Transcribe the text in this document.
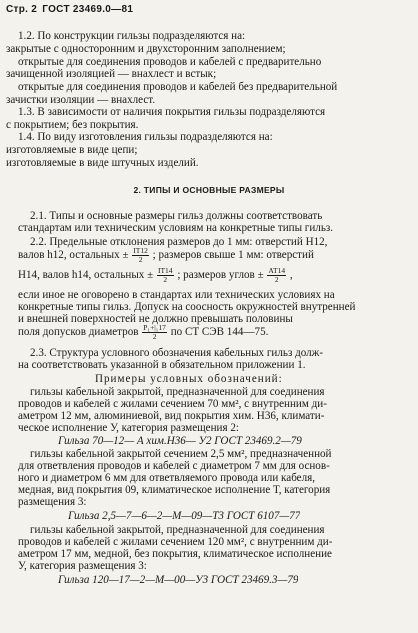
Стр. 2 ГОСТ 23469.0—81
1.2. По конструкции гильзы подразделяются на:
закрытые с односторонним и двухсторонним заполнением;
открытые для соединения проводов и кабелей с предварительно
зачищенной изоляцией — внахлест и встык;
открытые для соединения проводов и кабелей без предварительной
зачистки изоляции — внахлест.
1.3. В зависимости от наличия покрытия гильзы подразделяются
с покрытием; без покрытия.
1.4. По виду изготовления гильзы подразделяются на:
изготовляемые в виде цепи;
изготовляемые в виде штучных изделий.
2. ТИПЫ И ОСНОВНЫЕ РАЗМЕРЫ
2.1. Типы и основные размеры гильз должны соответствовать
стандартам или техническим условиям на конкретные типы гильз.
2.2. Предельные отклонения размеров до 1 мм: отверстий Н12,
валов h12, остальных ± $\frac{IT12}{2}$ ; размеров свыше 1 мм: отверстий
Н14, валов h14, остальных ± $\frac{IT14}{2}$ ; размеров углов ± $\frac{AT14}{2}$ ,
если иное не оговорено в стандартах или технических условиях на
конкретные типы гильз. Допуск на соосность окружностей внутренней
и внешней поверхностей не должно превышать половины
поля допусков диаметров $\frac{\text{P₁+|₁17}}{2}$ по СТ СЭВ 144—75.
2.3. Структура условного обозначения кабельных гильз долж-
на соответствовать указанной в обязательном приложении 1.
Примеры условных обозначений:
гильзы кабельной закрытой, предназначенной для соединения
проводов и кабелей с жилами сечением 70 мм², с внутренним ди-
аметром 12 мм, алюминиевой, вид покрытия хим. Н36, климати-
ческое исполнение У, категория размещения 2:
Гильза 70—12— А хим.Н36— У2 ГОСТ 23469.2—79
гильзы кабельной закрытой сечением 2,5 мм², предназначенной
для ответвления проводов и кабелей с диаметром 7 мм для основ-
ного и диаметром 6 мм для ответвляемого провода или кабеля,
медная, вид покрытия 09, климатическое исполнение Т, категория
размещения 3:
Гильза 2,5—7—6—2—М—09—Т3 ГОСТ 6107—77
гильзы кабельной закрытой, предназначенной для соединения
проводов и кабелей с жилами сечением 120 мм², с внутренним ди-
аметром 17 мм, медной, без покрытия, климатическое исполнение
У, категория размещения 3:
Гильзa 120—17—2—М—00—У3 ГОСТ 23469.3—79
